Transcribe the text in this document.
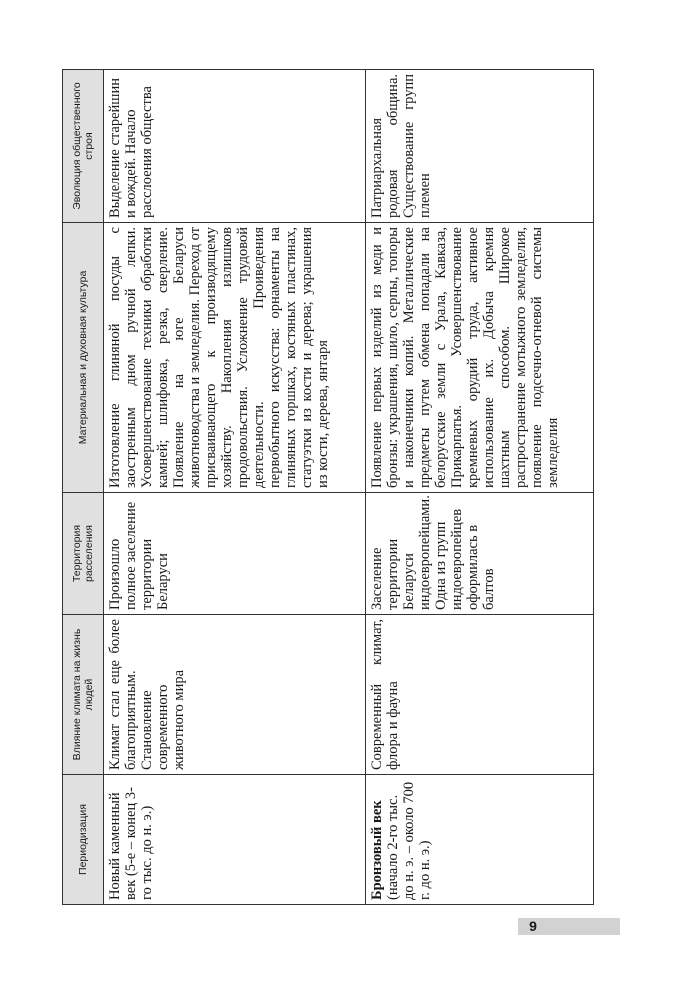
Периодизация	Влияние климата на жизнь людей	Территория расселения	Материальная и духовная культура	Эволюция общественного строя
Новый каменный век (5-е – конец 3-го тыс. до н. э.)	Климат стал еще более благоприятным. Становление современного животного мира	Произошло полное заселение территории Беларуси	Изготовление глиняной посуды с заостренным дном ручной лепки. Усовершенствование техники обработки камней; шлифовка, резка, сверление. Появление на юге Беларуси животноводства и земледелия. Переход от присваивающего к производящему хозяйству. Накопления излишков продовольствия. Усложнение трудовой деятельности. Проиведения первобытного искусства: орнаменты на глиняных горшках, костяных пластинах, статуэтки из кости и дерева; украшения из кости, дерева, янтаря	Выделение старейшин и вождей. Начало расслоения общества
Бронзовый век (начало 2-го тыс. до н. э. – около 700 г. до н. э.)	Современный климат, флора и фауна	Заселение территории Беларуси индоевропейцами. Одна из групп индоевропейцев оформилась в балтов	Появление первых изделий из меди и бронзы: украшения, шило, серпы, топоры и наконечники копий. Металлические предметы путем обмена попадали на белорусские земли с Урала, Кавказа, Прикарпатья. Усовершенствование кремневых орудий труда, активное использование их. Добыча кремня шахтным способом. Широкое распространение мотыжного земледелия, появление подсечно-огневой системы земледелия	Патриархальная родовая община. Существование групп племен
9
